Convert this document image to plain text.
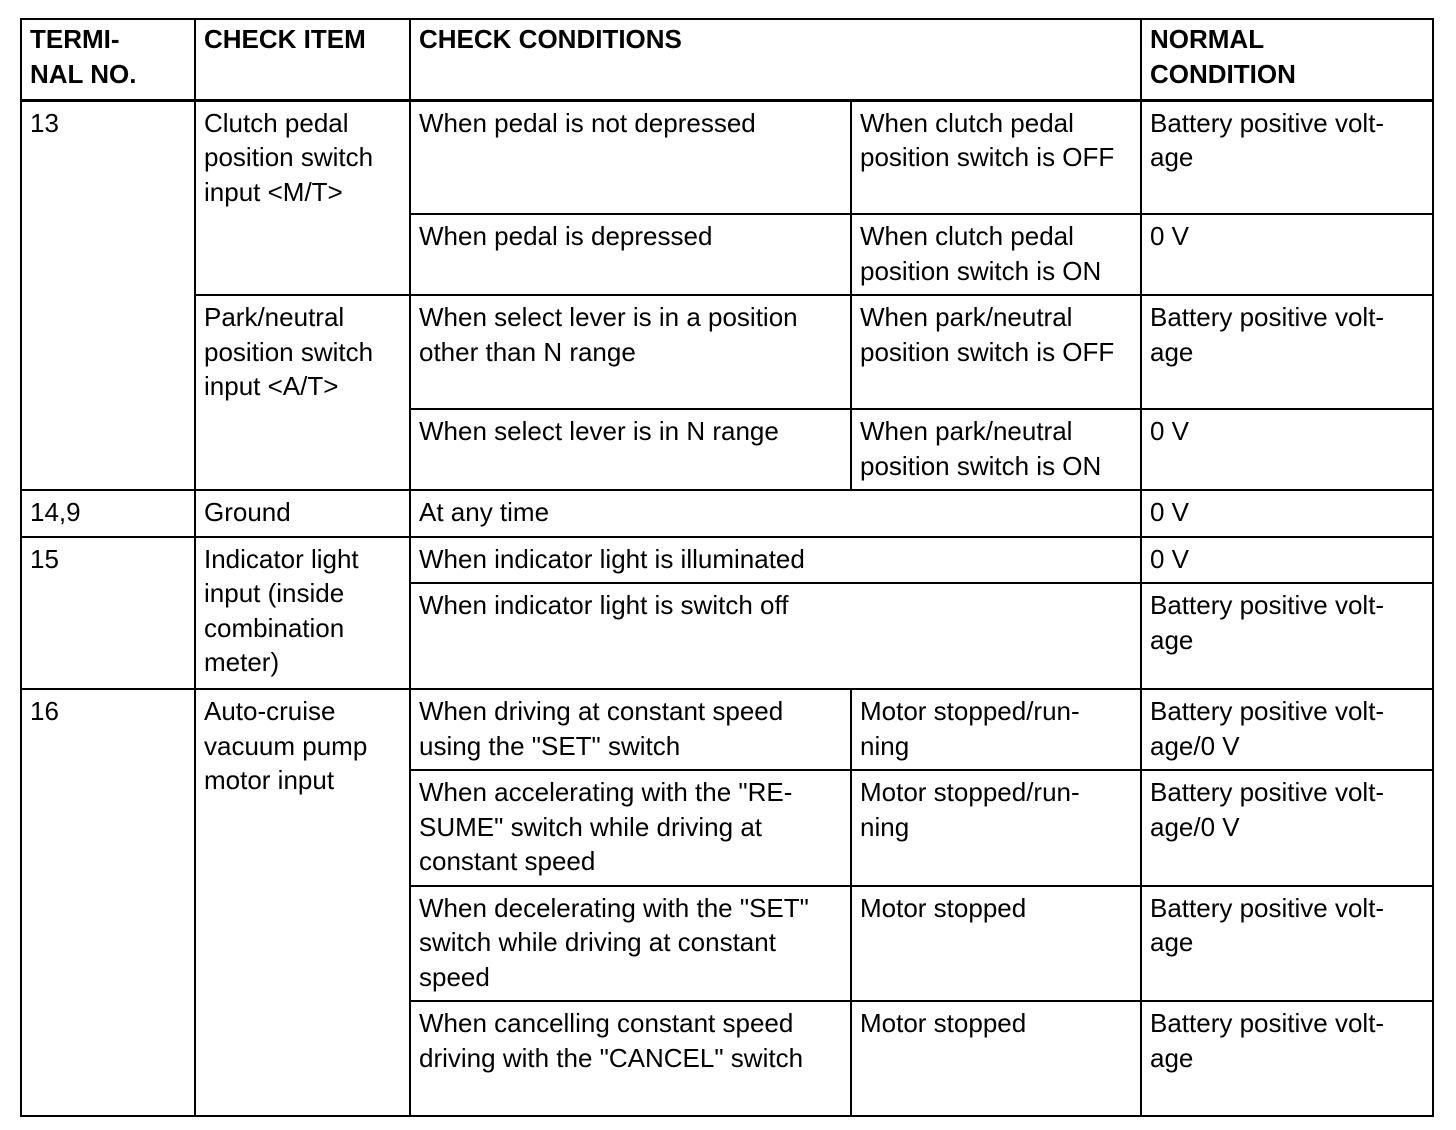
TERMI-
NAL NO.	CHECK ITEM	CHECK CONDITIONS		NORMAL
CONDITION
13	Clutch pedal position switch input <M/T>	When pedal is not depressed	When clutch pedal position switch is OFF	Battery positive volt-
age
		When pedal is depressed	When clutch pedal position switch is ON	0 V
	Park/neutral position switch input <A/T>	When select lever is in a position other than N range	When park/neutral position switch is OFF	Battery positive volt-
age
		When select lever is in N range	When park/neutral position switch is ON	0 V
14,9	Ground	At any time		0 V
15	Indicator light input (inside combination meter)	When indicator light is illuminated		0 V
		When indicator light is switch off		Battery positive volt-
age
16	Auto-cruise vacuum pump motor input	When driving at constant speed using the "SET" switch	Motor stopped/run-
ning	Battery positive volt-
age/0 V
		When accelerating with the "RE-
SUME" switch while driving at constant speed	Motor stopped/run-
ning	Battery positive volt-
age/0 V
		When decelerating with the "SET" switch while driving at constant speed	Motor stopped	Battery positive volt-
age
		When cancelling constant speed driving with the "CANCEL" switch	Motor stopped	Battery positive volt-
age
